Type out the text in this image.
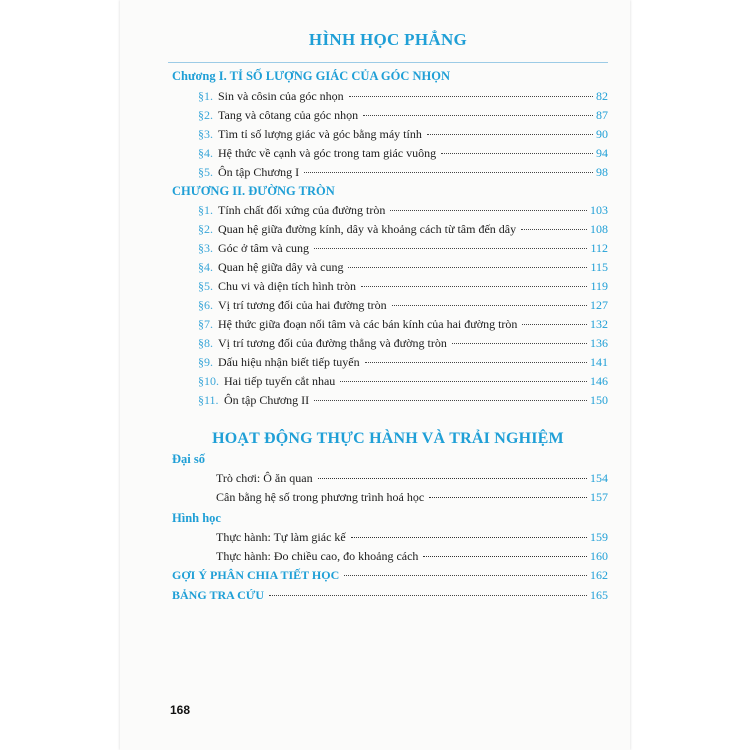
HÌNH HỌC PHẲNG
Chương I. TỈ SỐ LƯỢNG GIÁC CỦA GÓC NHỌN
§1. Sin và côsin của góc nhọn	82
§2. Tang và côtang của góc nhọn	87
§3. Tìm tỉ số lượng giác và góc bằng máy tính	90
§4. Hệ thức về cạnh và góc trong tam giác vuông	94
§5. Ôn tập Chương I	98
CHƯƠNG II. ĐƯỜNG TRÒN
§1. Tính chất đối xứng của đường tròn	103
§2. Quan hệ giữa đường kính, dây và khoảng cách từ tâm đến dây	108
§3. Góc ở tâm và cung	112
§4. Quan hệ giữa dây và cung	115
§5. Chu vi và diện tích hình tròn	119
§6. Vị trí tương đối của hai đường tròn	127
§7. Hệ thức giữa đoạn nối tâm và các bán kính của hai đường tròn	132
§8. Vị trí tương đối của đường thẳng và đường tròn	136
§9. Dấu hiệu nhận biết tiếp tuyến	141
§10. Hai tiếp tuyến cắt nhau	146
§11. Ôn tập Chương II	150
HOẠT ĐỘNG THỰC HÀNH VÀ TRẢI NGHIỆM
Đại số
Trò chơi: Ô ăn quan	154
Cân bằng hệ số trong phương trình hoá học	157
Hình học
Thực hành: Tự làm giác kế	159
Thực hành: Đo chiều cao, đo khoảng cách	160
GỢI Ý PHÂN CHIA TIẾT HỌC	162
BẢNG TRA CỨU	165
168
